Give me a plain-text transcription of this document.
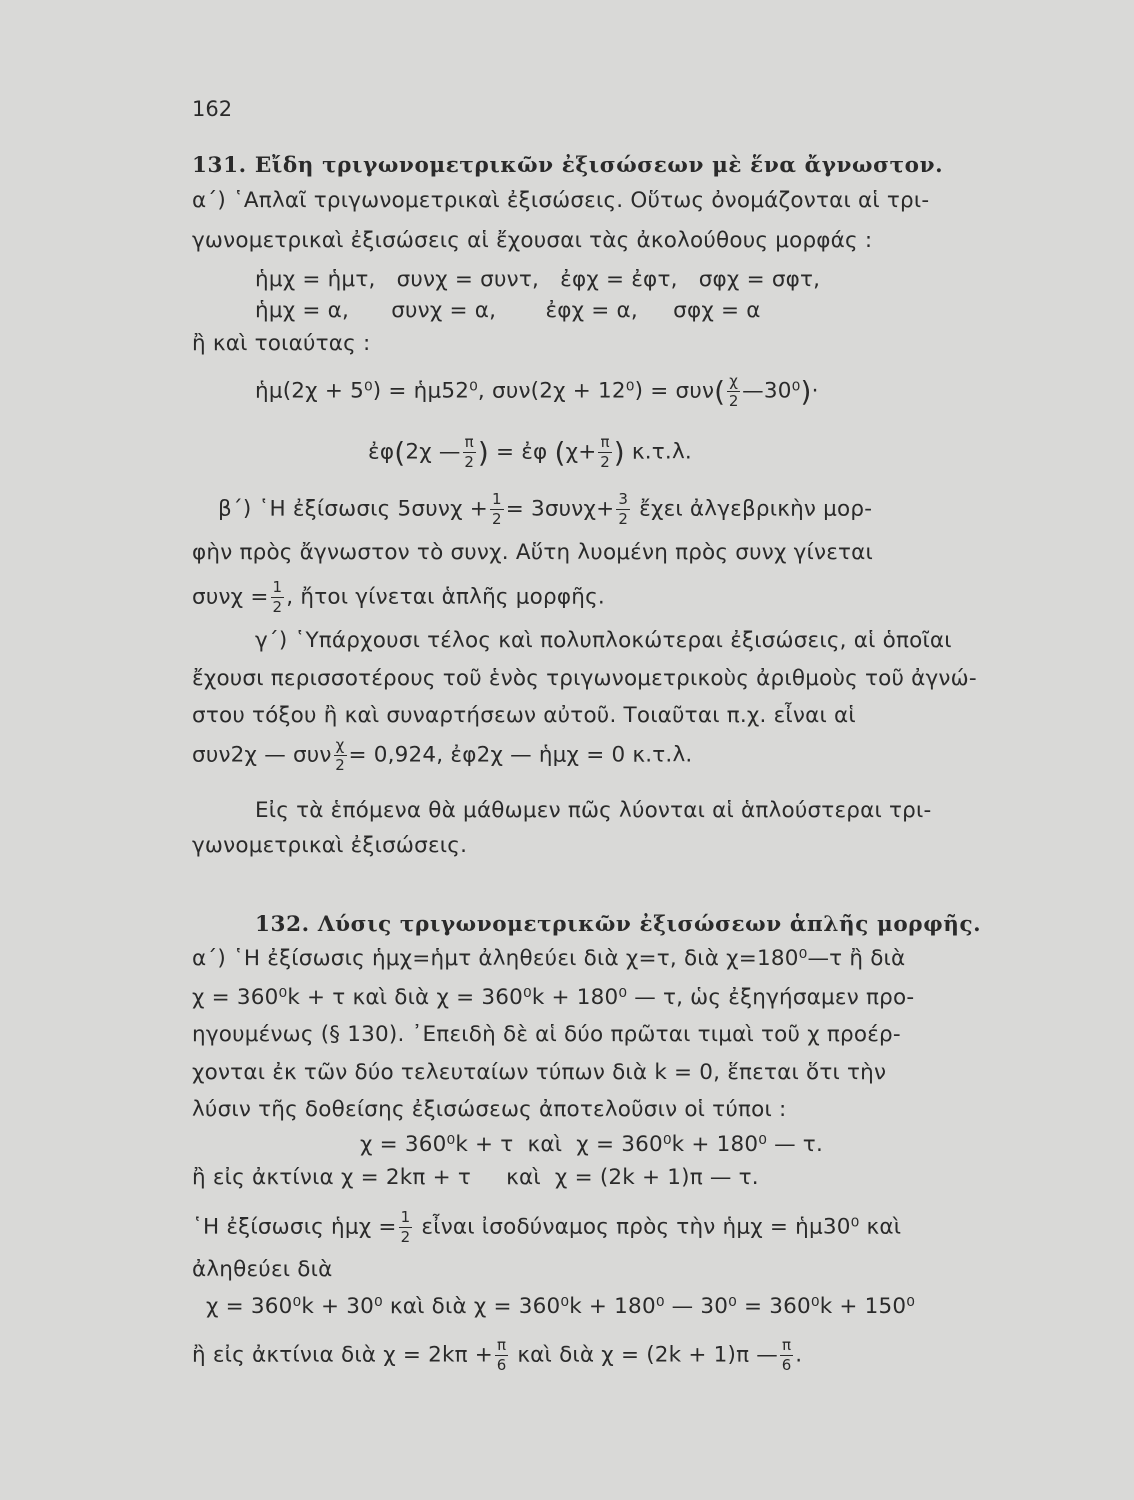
162
131. Εἴδη τριγωνομετρικῶν ἐξισώσεων μὲ ἕνα ἄγνωστον.
α΄) ῾Απλαῖ τριγωνομετρικαὶ ἐξισώσεις. Οὕτως ὀνομάζονται αἱ τρι-
γωνομετρικαὶ ἐξισώσεις αἱ ἔχουσαι τὰς ἀκολούθους μορφάς :
ἡμχ = ἡμτ,   συνχ = συντ,   ἐφχ = ἐφτ,   σφχ = σφτ,
ἡμχ = α,      συνχ = α,       ἐφχ = α,     σφχ = α
ἢ καὶ τοιαύτας :
ἡμ(2χ + 5⁰) = ἡμ52⁰, $\sigma\upsilon\nu(2\chi + 12^0) = \sigma\upsilon\nu( \frac{\chi}{2}$ —30⁰)·
ἐφ(2χ — $\frac{\pi}{2}$ ) = ἐφ ($\chi+ \frac{\pi}{2}$ ) κ.τ.λ.
β΄) ῾Η ἐξίσωσις $5\sigma\upsilon\nu\chi + \frac{1}{2} = 3\sigma\upsilon\nu\chi+ \frac{3}{2}$ ἔχει ἀλγεβρικὴν μορ-
φὴν πρὸς ἄγνωστον τὸ συνχ. Αὕτη λυομένη πρὸς συνχ γίνεται
$\sigma\upsilon\nu\chi = \frac{1}{2}$ , ἤτοι γίνεται ἁπλῆς μορφῆς.
γ΄) ῾Υπάρχουσι τέλος καὶ πολυπλοκώτεραι ἐξισώσεις, αἱ ὁποῖαι
ἔχουσι περισσοτέρους τοῦ ἑνὸς τριγωνομετρικοὺς ἀριθμοὺς τοῦ ἀγνώ-
στου τόξου ἢ καὶ συναρτήσεων αὐτοῦ. Τοιαῦται π.χ. εἶναι αἱ
συν2χ — συν $\frac{\chi}{2} = 0,924$, ἐφ2χ — ἡμχ = 0 κ.τ.λ.
Εἰς τὰ ἑπόμενα θὰ μάθωμεν πῶς λύονται αἱ ἁπλούστεραι τρι-
γωνομετρικαὶ ἐξισώσεις.
132. Λύσις τριγωνομετρικῶν ἐξισώσεων ἁπλῆς μορφῆς.
α΄) ῾Η ἐξίσωσις ἡμχ=ἡμτ ἀληθεύει διὰ χ=τ, διὰ χ=180⁰—τ ἢ διὰ
χ = 360⁰k + τ καὶ διὰ χ = 360⁰k + 180⁰ — τ, ὡς ἐξηγήσαμεν προ-
ηγουμένως (§ 130). ᾿Επειδὴ δὲ αἱ δύο πρῶται τιμαὶ τοῦ χ προέρ-
χονται ἐκ τῶν δύο τελευταίων τύπων διὰ k = 0, ἕπεται ὅτι τὴν
λύσιν τῆς δοθείσης ἐξισώσεως ἀποτελοῦσιν οἱ τύποι :
χ = 360⁰k + τ  καὶ  χ = 360⁰k + 180⁰ — τ.
ἢ εἰς ἀκτίνια χ = 2kπ + τ     καὶ  χ = (2k + 1)π — τ.
῾Η ἐξίσωσις ἡμχ = $\frac{1}{2}$ εἶναι ἰσοδύναμος πρὸς τὴν ἡμχ = ἡμ30⁰ καὶ
ἀληθεύει διὰ
χ = 360⁰k + 30⁰ καὶ διὰ χ = 360⁰k + 180⁰ — 30⁰ = 360⁰k + 150⁰
ἢ εἰς ἀκτίνια διὰ $\chi = 2k\pi + \frac{\pi}{6}$ καὶ διὰ χ = (2k + 1)π — $\frac{\pi}{6}$ .
